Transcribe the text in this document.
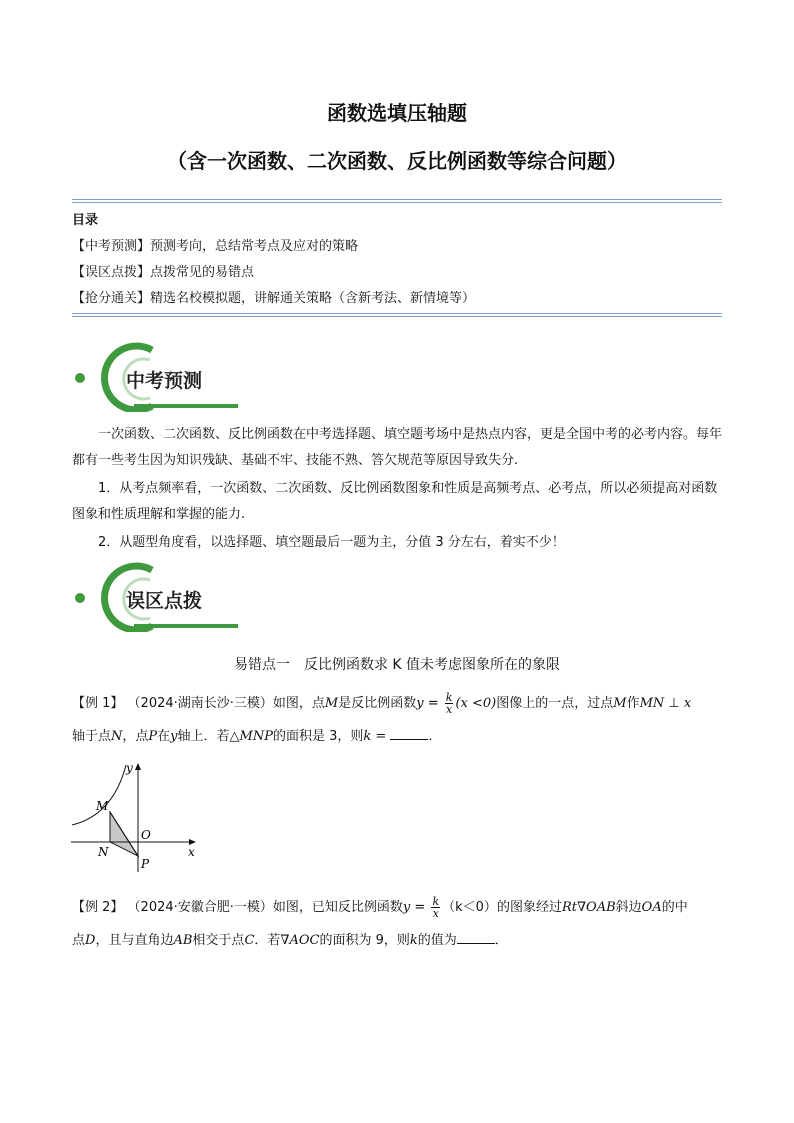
函数选填压轴题
（含一次函数、二次函数、反比例函数等综合问题）
目录
【中考预测】预测考向，总结常考点及应对的策略
【误区点拨】点拨常见的易错点
【抢分通关】精选名校模拟题，讲解通关策略（含新考法、新情境等）
中考预测
一次函数、二次函数、反比例函数在中考选择题、填空题考场中是热点内容，更是全国中考的必考内容。每年都有一些考生因为知识残缺、基础不牢、技能不熟、答欠规范等原因导致失分.
1．从考点频率看，一次函数、二次函数、反比例函数图象和性质是高频考点、必考点，所以必须提高对函数图象和性质理解和掌握的能力.
2．从题型角度看，以选择题、填空题最后一题为主，分值 3 分左右，着实不少！
误区点拨
易错点一　反比例函数求 K 值未考虑图象所在的象限
【例 1】 （2024·湖南长沙·三模）如图，点M是反比例函数$y = \frac{k}{x} (x <0)$图像上的一点，过点M作MN ⊥ x
轴于点N，点P在y轴上．若△MNP的面积是 3，则k =	．
y
x
O
M
N
P
【例 2】 （2024·安徽合肥·一模）如图，已知反比例函数$y = \frac{k}{x} (k<0)$的图象经过Rt∇OAB斜边OA的中
点D，且与直角边AB相交于点C．若∇AOC的面积为 9，则k的值为	．
